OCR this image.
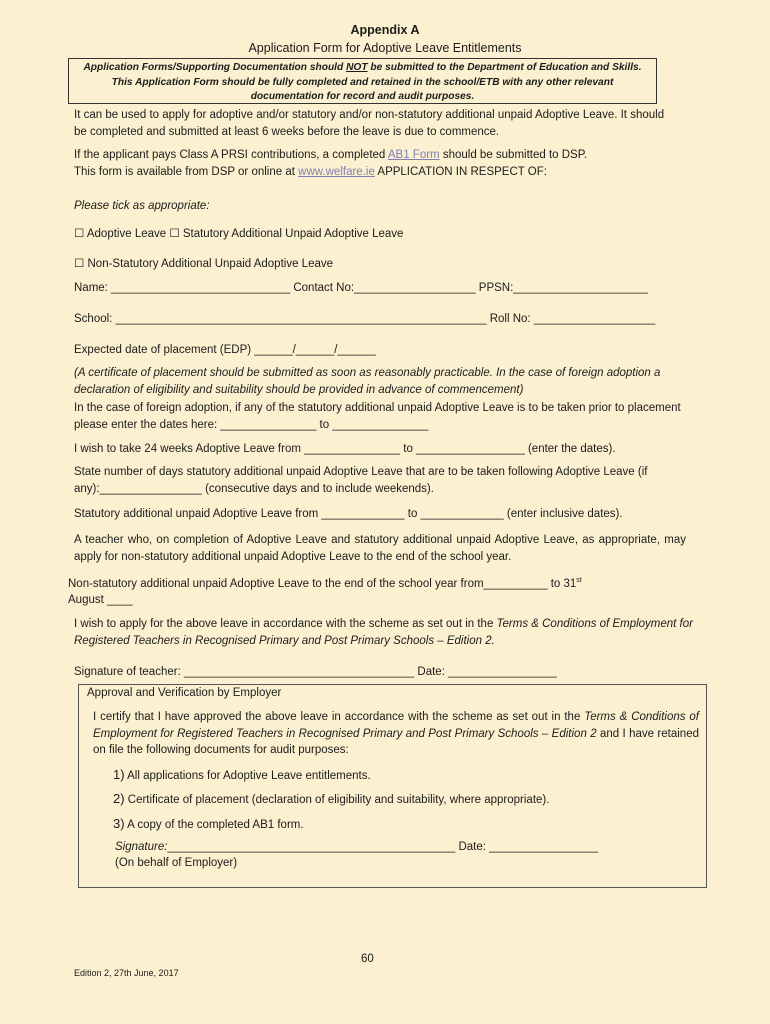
Appendix A
Application Form for Adoptive Leave Entitlements
Application Forms/Supporting Documentation should NOT be submitted to the Department of Education and Skills. This Application Form should be fully completed and retained in the school/ETB with any other relevant documentation for record and audit purposes.

It can be used to apply for adoptive and/or statutory and/or non-statutory additional unpaid Adoptive Leave. It should be completed and submitted at least 6 weeks before the leave is due to commence.

If the applicant pays Class A PRSI contributions, a completed AB1 Form should be submitted to DSP.
This form is available from DSP or online at www.welfare.ie APPLICATION IN RESPECT OF:

Please tick as appropriate:

☐ Adoptive Leave ☐ Statutory Additional Unpaid Adoptive Leave

☐ Non-Statutory Additional Unpaid Adoptive Leave

Name: ____________________________ Contact No:___________________ PPSN:_____________________

School: __________________________________________________________ Roll No: ___________________

Expected date of placement (EDP) ______/______/______

(A certificate of placement should be submitted as soon as reasonably practicable. In the case of foreign adoption a declaration of eligibility and suitability should be provided in advance of commencement)

In the case of foreign adoption, if any of the statutory additional unpaid Adoptive Leave is to be taken prior to placement please enter the dates here: _______________ to _______________

I wish to take 24 weeks Adoptive Leave from _______________ to _________________ (enter the dates).

State number of days statutory additional unpaid Adoptive Leave that are to be taken following Adoptive Leave (if any):________________ (consecutive days and to include weekends).

Statutory additional unpaid Adoptive Leave from _____________ to _____________ (enter inclusive dates).

A teacher who, on completion of Adoptive Leave and statutory additional unpaid Adoptive Leave, as appropriate, may apply for non-statutory additional unpaid Adoptive Leave to the end of the school year.

Non-statutory additional unpaid Adoptive Leave to the end of the school year from__________ to 31st
August ____

I wish to apply for the above leave in accordance with the scheme as set out in the Terms & Conditions of Employment for Registered Teachers in Recognised Primary and Post Primary Schools – Edition 2.

Signature of teacher: ____________________________________ Date: _________________

Approval and Verification by Employer

I certify that I have approved the above leave in accordance with the scheme as set out in the Terms & Conditions of Employment for Registered Teachers in Recognised Primary and Post Primary Schools – Edition 2 and I have retained on file the following documents for audit purposes:

1) All applications for Adoptive Leave entitlements.

2) Certificate of placement (declaration of eligibility and suitability, where appropriate).

3) A copy of the completed AB1 form.

Signature:_____________________________________________ Date: _________________

(On behalf of Employer)

60

Edition 2, 27th June, 2017
